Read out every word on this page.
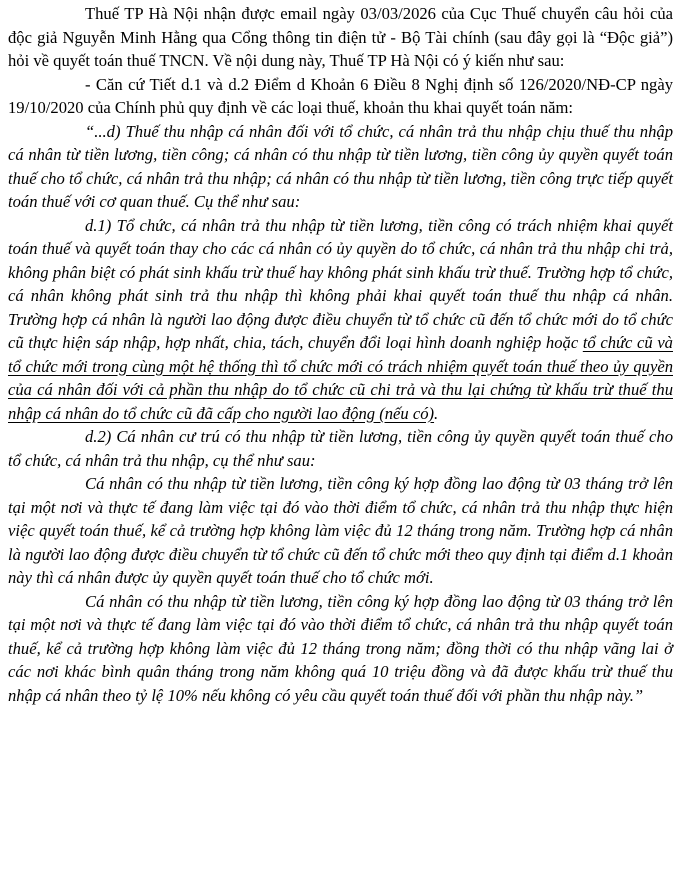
Thuế TP Hà Nội nhận được email ngày 03/03/2026 của Cục Thuế chuyển câu hỏi của độc giả Nguyễn Minh Hằng qua Cổng thông tin điện tử - Bộ Tài chính (sau đây gọi là “Độc giả”) hỏi về quyết toán thuế TNCN. Về nội dung này, Thuế TP Hà Nội có ý kiến như sau:

- Căn cứ Tiết d.1 và d.2 Điểm d Khoản 6 Điều 8 Nghị định số 126/2020/NĐ-CP ngày 19/10/2020 của Chính phủ quy định về các loại thuế, khoản thu khai quyết toán năm:

“...d) Thuế thu nhập cá nhân đối với tổ chức, cá nhân trả thu nhập chịu thuế thu nhập cá nhân từ tiền lương, tiền công; cá nhân có thu nhập từ tiền lương, tiền công ủy quyền quyết toán thuế cho tổ chức, cá nhân trả thu nhập; cá nhân có thu nhập từ tiền lương, tiền công trực tiếp quyết toán thuế với cơ quan thuế. Cụ thể như sau:

d.1) Tổ chức, cá nhân trả thu nhập từ tiền lương, tiền công có trách nhiệm khai quyết toán thuế và quyết toán thay cho các cá nhân có ủy quyền do tổ chức, cá nhân trả thu nhập chi trả, không phân biệt có phát sinh khấu trừ thuế hay không phát sinh khấu trừ thuế. Trường hợp tổ chức, cá nhân không phát sinh trả thu nhập thì không phải khai quyết toán thuế thu nhập cá nhân. Trường hợp cá nhân là người lao động được điều chuyển từ tổ chức cũ đến tổ chức mới do tổ chức cũ thực hiện sáp nhập, hợp nhất, chia, tách, chuyển đổi loại hình doanh nghiệp hoặc tổ chức cũ và tổ chức mới trong cùng một hệ thống thì tổ chức mới có trách nhiệm quyết toán thuế theo ủy quyền của cá nhân đối với cả phần thu nhập do tổ chức cũ chi trả và thu lại chứng từ khấu trừ thuế thu nhập cá nhân do tổ chức cũ đã cấp cho người lao động (nếu có).

d.2) Cá nhân cư trú có thu nhập từ tiền lương, tiền công ủy quyền quyết toán thuế cho tổ chức, cá nhân trả thu nhập, cụ thể như sau:

Cá nhân có thu nhập từ tiền lương, tiền công ký hợp đồng lao động từ 03 tháng trở lên tại một nơi và thực tế đang làm việc tại đó vào thời điểm tổ chức, cá nhân trả thu nhập thực hiện việc quyết toán thuế, kể cả trường hợp không làm việc đủ 12 tháng trong năm. Trường hợp cá nhân là người lao động được điều chuyển từ tổ chức cũ đến tổ chức mới theo quy định tại điểm d.1 khoản này thì cá nhân được ủy quyền quyết toán thuế cho tổ chức mới.

Cá nhân có thu nhập từ tiền lương, tiền công ký hợp đồng lao động từ 03 tháng trở lên tại một nơi và thực tế đang làm việc tại đó vào thời điểm tổ chức, cá nhân trả thu nhập quyết toán thuế, kể cả trường hợp không làm việc đủ 12 tháng trong năm; đồng thời có thu nhập vãng lai ở các nơi khác bình quân tháng trong năm không quá 10 triệu đồng và đã được khấu trừ thuế thu nhập cá nhân theo tỷ lệ 10% nếu không có yêu cầu quyết toán thuế đối với phần thu nhập này.”
